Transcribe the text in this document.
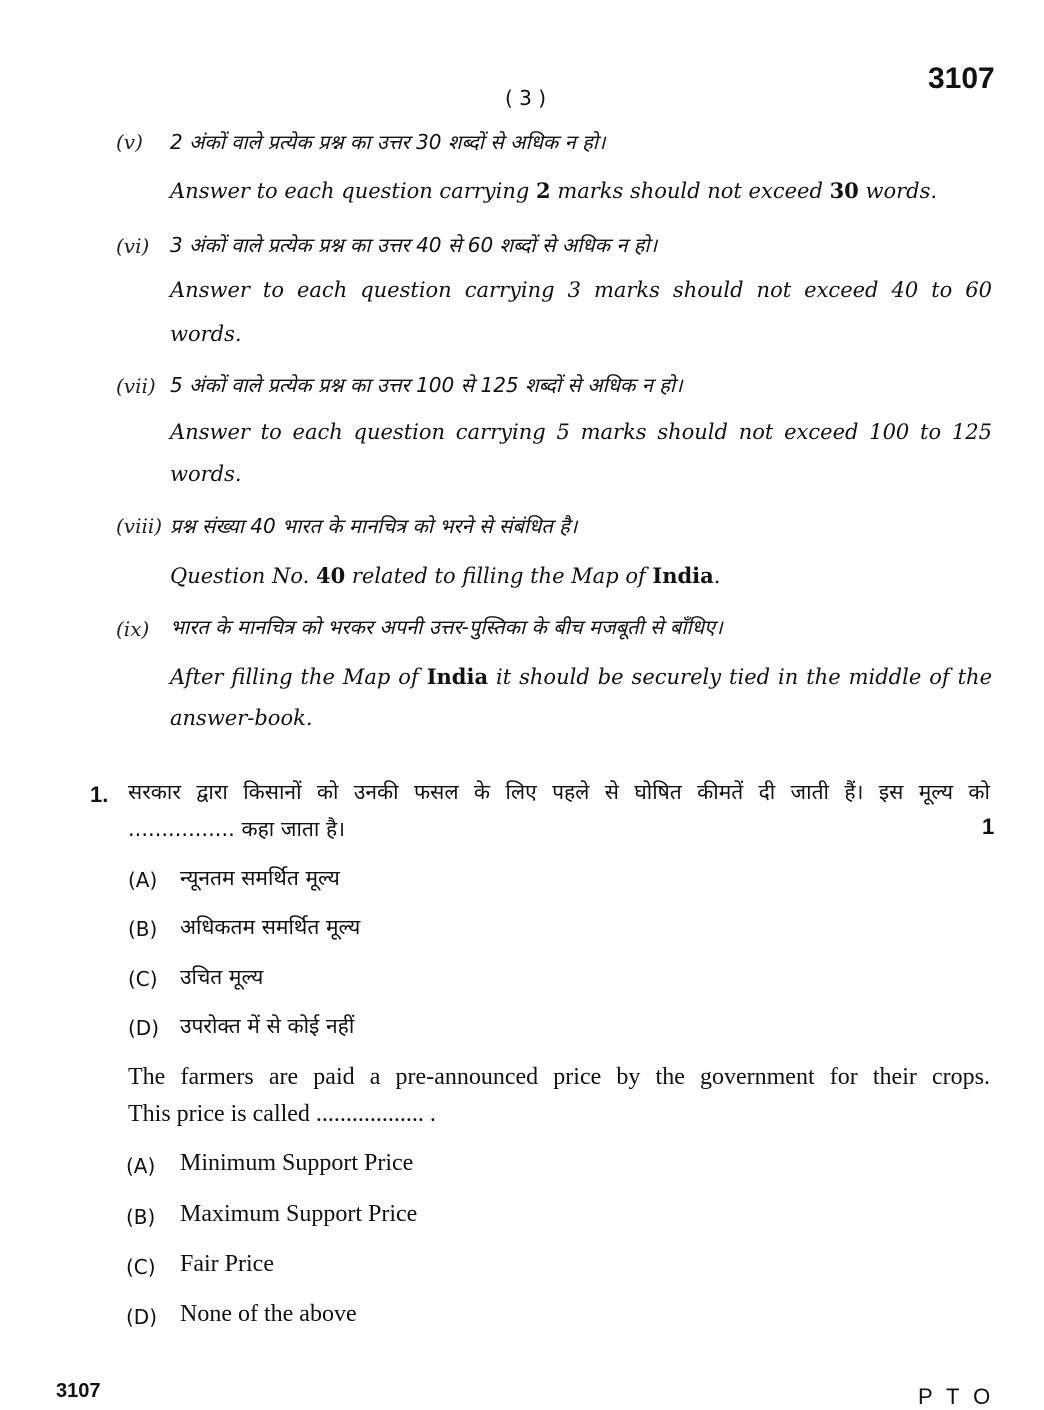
( 3 )
3107
(v) 2 अंकों वाले प्रत्येक प्रश्न का उत्तर 30 शब्दों से अधिक न हो।
Answer to each question carrying 2 marks should not exceed 30 words.
(vi) 3 अंकों वाले प्रत्येक प्रश्न का उत्तर 40 से 60 शब्दों से अधिक न हो।
Answer to each question carrying 3 marks should not exceed 40 to 60
words.
(vii) 5 अंकों वाले प्रत्येक प्रश्न का उत्तर 100 से 125 शब्दों से अधिक न हो।
Answer to each question carrying 5 marks should not exceed 100 to 125
words.
(viii) प्रश्न संख्या 40 भारत के मानचित्र को भरने से संबंधित है।
Question No. 40 related to filling the Map of India.
(ix) भारत के मानचित्र को भरकर अपनी उत्तर-पुस्तिका के बीच मजबूती से बाँधिए।
After filling the Map of India it should be securely tied in the middle of the
answer-book.
1. सरकार द्वारा किसानों को उनकी फसल के लिए पहले से घोषित कीमतें दी जाती हैं। इस मूल्य को
................ कहा जाता है।	1
(A) न्यूनतम समर्थित मूल्य
(B) अधिकतम समर्थित मूल्य
(C) उचित मूल्य
(D) उपरोक्त में से कोई नहीं
The farmers are paid a pre-announced price by the government for their crops.
This price is called .................. .
(A) Minimum Support Price
(B) Maximum Support Price
(C) Fair Price
(D) None of the above
3107	P T O
